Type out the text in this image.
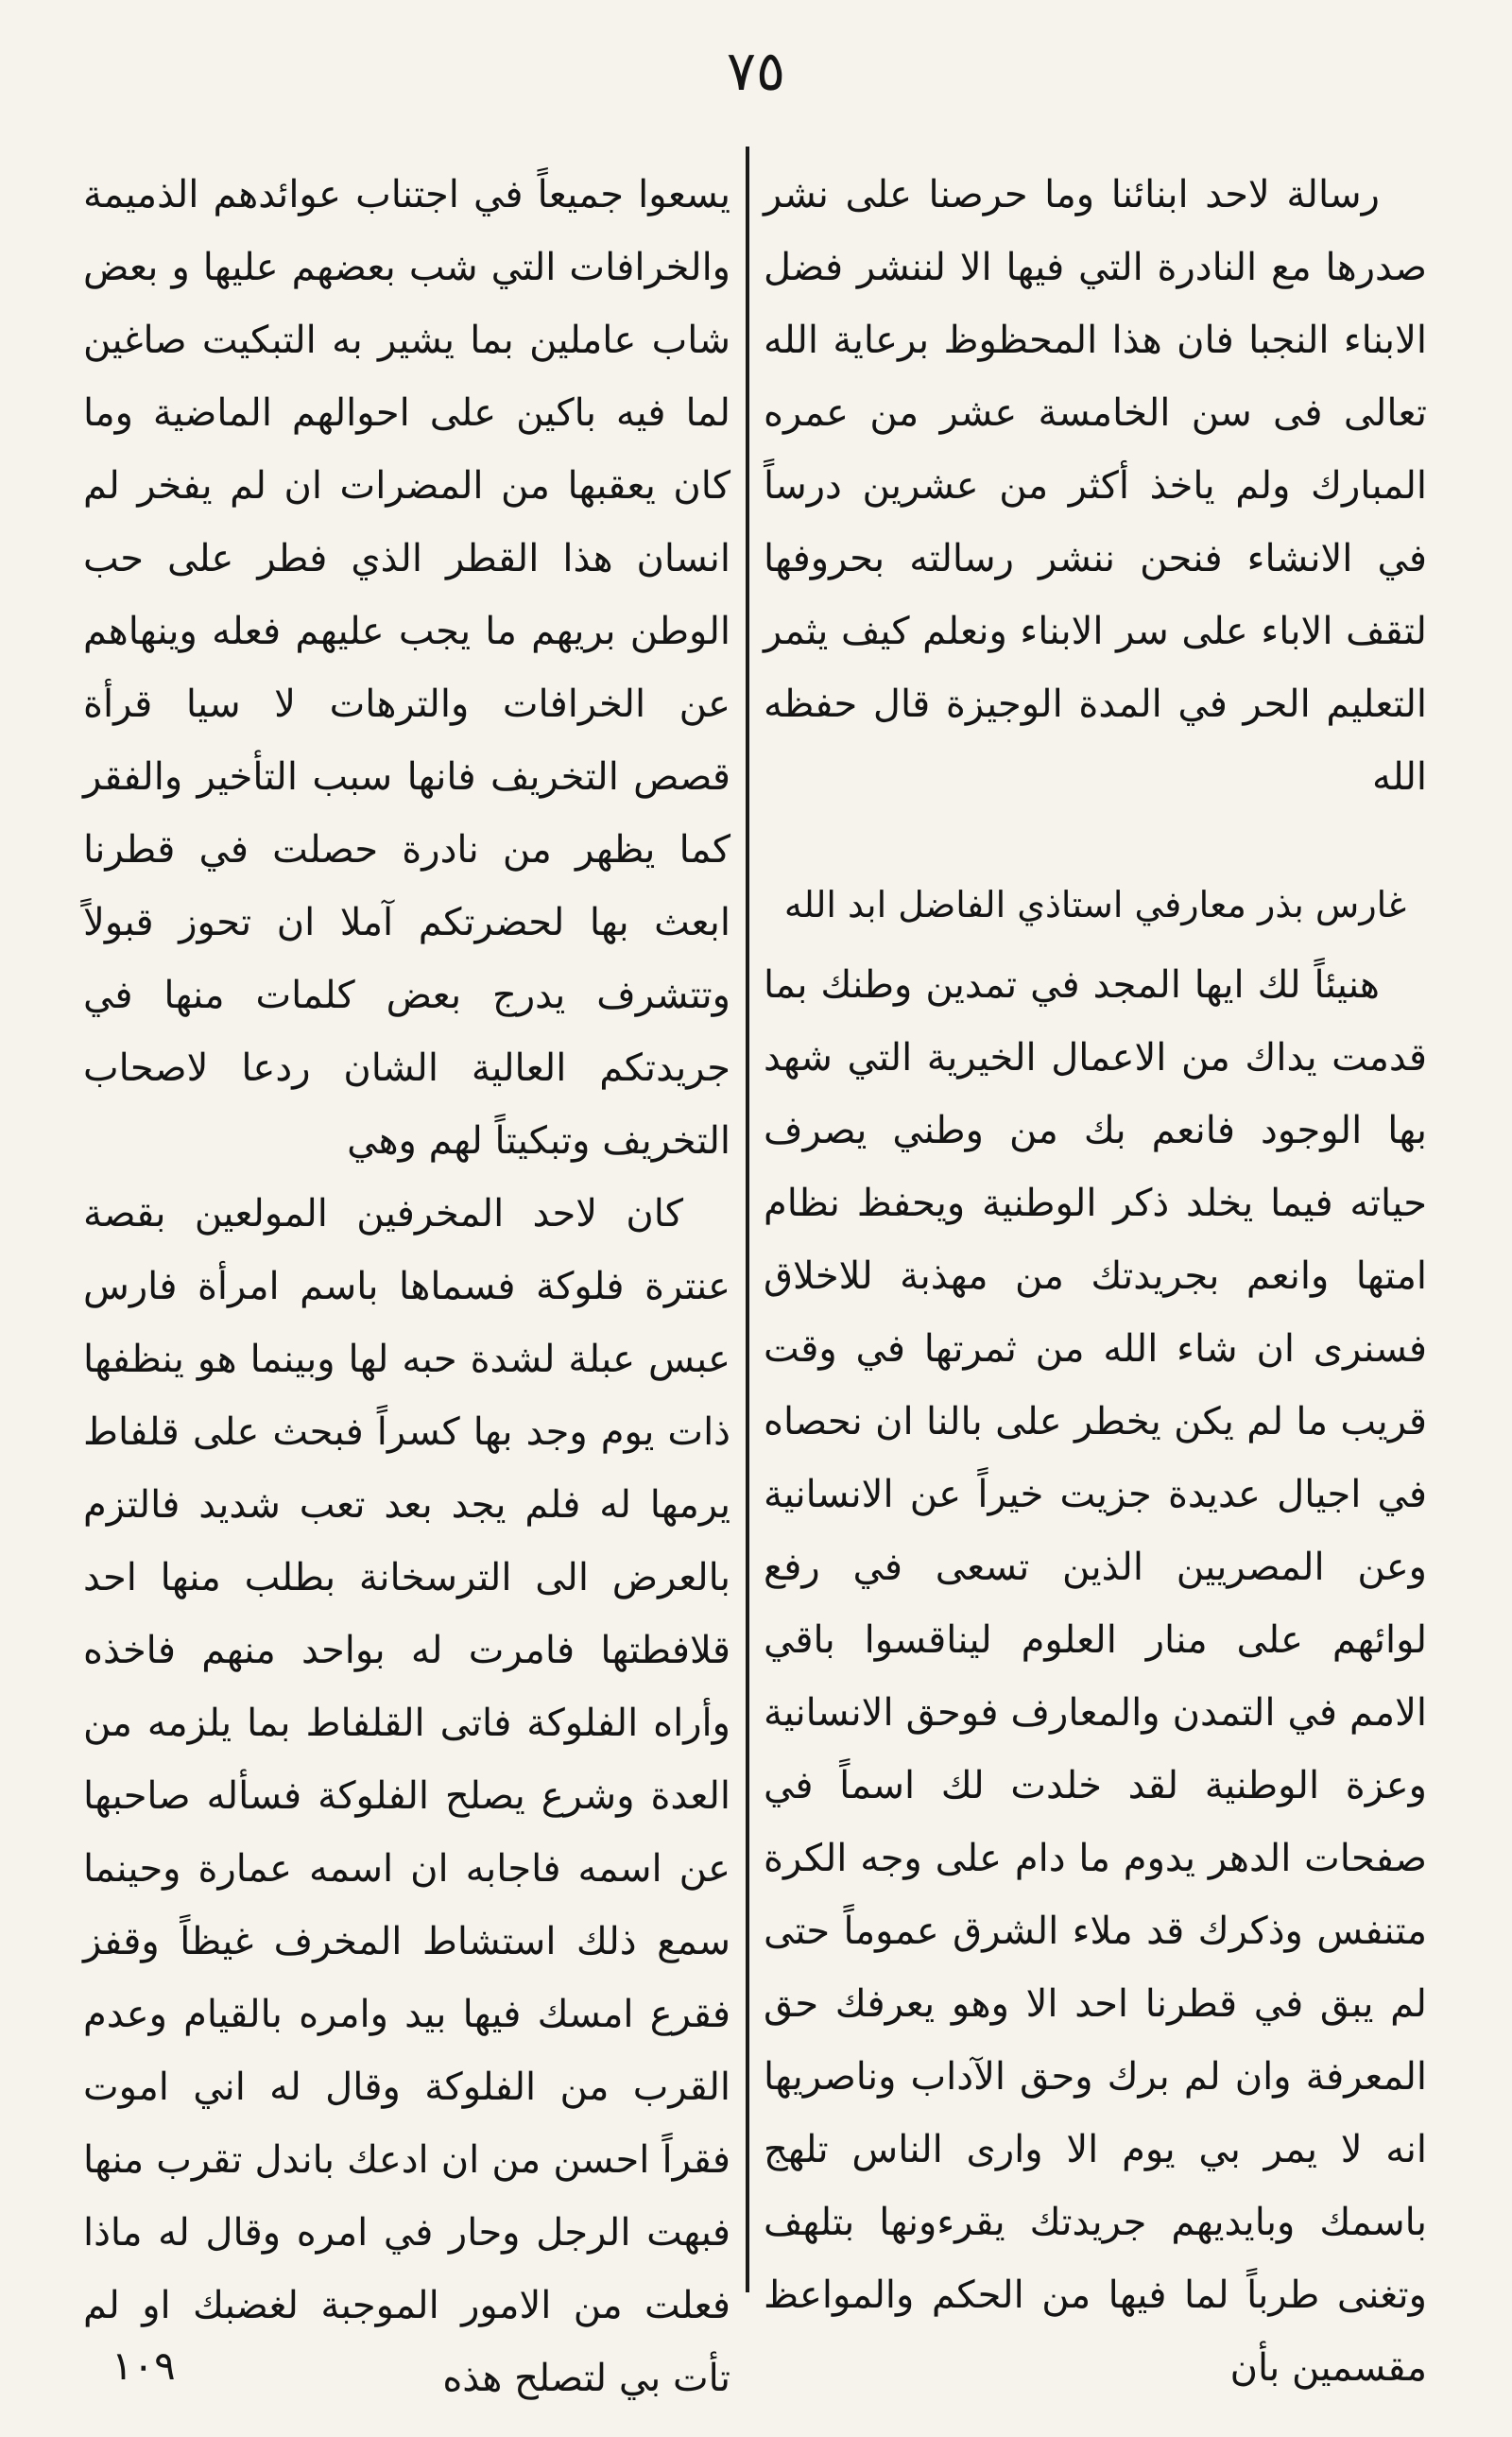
٧٥

رسالة لاحد ابنائنا وما حرصنا على نشر صدرها مع النادرة التي فيها الا لننشر فضل الابناء النجبا فان هذا المحظوظ برعاية الله تعالى فى سن الخامسة عشر من عمره المبارك ولم ياخذ أكثر من عشرين درساً في الانشاء فنحن ننشر رسالته بحروفها لتقف الاباء على سر الابناء ونعلم كيف يثمر التعليم الحر في المدة الوجيزة قال حفظه الله

غارس بذر معارفي استاذي الفاضل ابد الله

هنيئاً لك ايها المجد في تمدين وطنك بما قدمت يداك من الاعمال الخيرية التي شهد بها الوجود فانعم بك من وطني يصرف حياته فيما يخلد ذكر الوطنية ويحفظ نظام امتها وانعم بجريدتك من مهذبة للاخلاق فسنرى ان شاء الله من ثمرتها في وقت قريب ما لم يكن يخطر على بالنا ان نحصاه في اجيال عديدة جزيت خيراً عن الانسانية وعن المصريين الذين تسعى في رفع لوائهم على منار العلوم ليناقسوا باقي الامم في التمدن والمعارف فوحق الانسانية وعزة الوطنية لقد خلدت لك اسماً في صفحات الدهر يدوم ما دام على وجه الكرة متنفس وذكرك قد ملاء الشرق عموماً حتى لم يبق في قطرنا احد الا وهو يعرفك حق المعرفة وان لم برك وحق الآداب وناصريها انه لا يمر بي يوم الا وارى الناس تلهج باسمك وبايديهم جريدتك يقرءونها بتلهف وتغنى طرباً لما فيها من الحكم والمواعظ مقسمين بأن

يسعوا جميعاً في اجتناب عوائدهم الذميمة والخرافات التي شب بعضهم عليها و بعض شاب عاملين بما يشير به التبكيت صاغين لما فيه باكين على احوالهم الماضية وما كان يعقبها من المضرات ان لم يفخر لم انسان هذا القطر الذي فطر على حب الوطن بريهم ما يجب عليهم فعله وينهاهم عن الخرافات والترهات لا سيا قرأة قصص التخريف فانها سبب التأخير والفقر كما يظهر من نادرة حصلت في قطرنا ابعث بها لحضرتكم آملا ان تحوز قبولاً وتتشرف يدرج بعض كلمات منها في جريدتكم العالية الشان ردعا لاصحاب التخريف وتبكيتاً لهم وهي

كان لاحد المخرفين المولعين بقصة عنترة فلوكة فسماها باسم امرأة فارس عبس عبلة لشدة حبه لها وبينما هو ينظفها ذات يوم وجد بها كسراً فبحث على قلفاط يرمها له فلم يجد بعد تعب شديد فالتزم بالعرض الى الترسخانة بطلب منها احد قلافطتها فامرت له بواحد منهم فاخذه وأراه الفلوكة فاتى القلفاط بما يلزمه من العدة وشرع يصلح الفلوكة فسأله صاحبها عن اسمه فاجابه ان اسمه عمارة وحينما سمع ذلك استشاط المخرف غيظاً وقفز فقرع امسك فيها بيد وامره بالقيام وعدم القرب من الفلوكة وقال له اني اموت فقراً احسن من ان ادعك باندل تقرب منها فبهت الرجل وحار في امره وقال له ماذا فعلت من الامور الموجبة لغضبك او لم تأت بي لتصلح هذه

١٠٩
